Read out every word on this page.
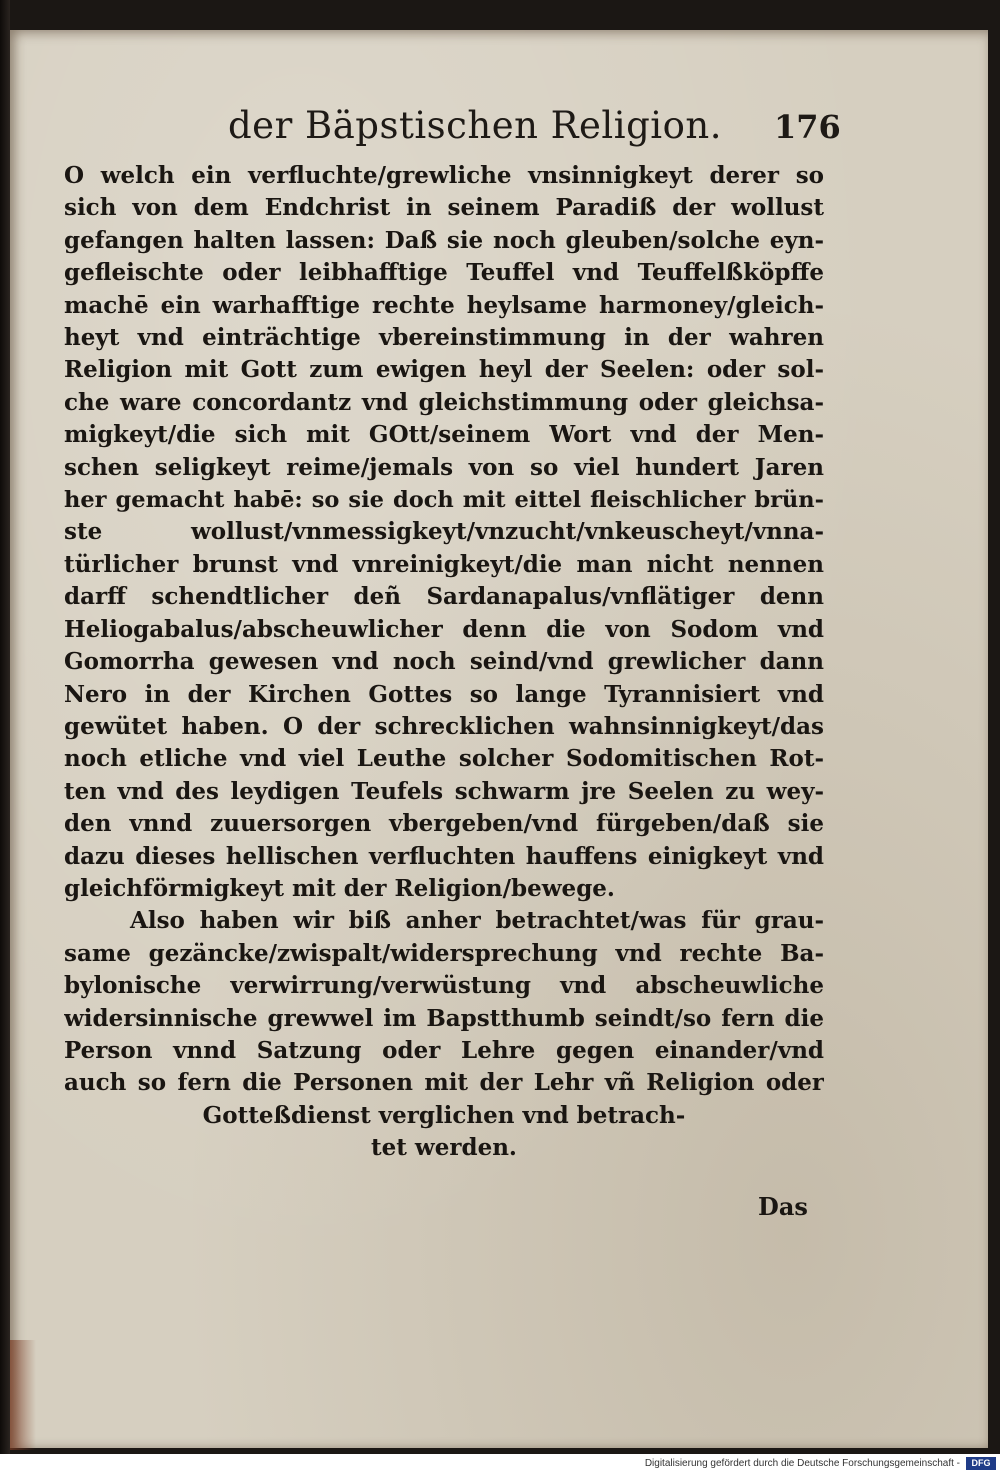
der Bäpstischen Religion. 176
O welch ein verfluchte/grewliche vnsinnigkeyt derer so
sich von dem Endchrist in seinem Paradiß der wollust
gefangen halten lassen: Daß sie noch gleuben/solche eyn-
gefleischte oder leibhafftige Teuffel vnd Teuffelßköpffe
machē ein warhafftige rechte heylsame harmoney/gleich-
heyt vnd einträchtige vbereinstimmung in der wahren
Religion mit Gott zum ewigen heyl der Seelen: oder sol-
che ware concordantz vnd gleichstimmung oder gleichsa-
migkeyt/die sich mit GOtt/seinem Wort vnd der Men-
schen seligkeyt reime/jemals von so viel hundert Jaren
her gemacht habē: so sie doch mit eittel fleischlicher brün-
ste wollust/vnmessigkeyt/vnzucht/vnkeuscheyt/vnna-
türlicher brunst vnd vnreinigkeyt/die man nicht nennen
darff schendtlicher deñ Sardanapalus/vnflätiger denn
Heliogabalus/abscheuwlicher denn die von Sodom vnd
Gomorrha gewesen vnd noch seind/vnd grewlicher dann
Nero in der Kirchen Gottes so lange Tyrannisiert vnd
gewütet haben. O der schrecklichen wahnsinnigkeyt/das
noch etliche vnd viel Leuthe solcher Sodomitischen Rot-
ten vnd des leydigen Teufels schwarm jre Seelen zu wey-
den vnnd zuuersorgen vbergeben/vnd fürgeben/daß sie
dazu dieses hellischen verfluchten hauffens einigkeyt vnd
gleichförmigkeyt mit der Religion/bewege.
Also haben wir biß anher betrachtet/was für grau-
same gezäncke/zwispalt/widersprechung vnd rechte Ba-
bylonische verwirrung/verwüstung vnd abscheuwliche
widersinnische grewwel im Bapstthumb seindt/so fern die
Person vnnd Satzung oder Lehre gegen einander/vnd
auch so fern die Personen mit der Lehr vñ Religion oder
Gotteßdienst verglichen vnd betrach-
tet werden.
Das
Digitalisierung gefördert durch die Deutsche Forschungsgemeinschaft -	DFG
